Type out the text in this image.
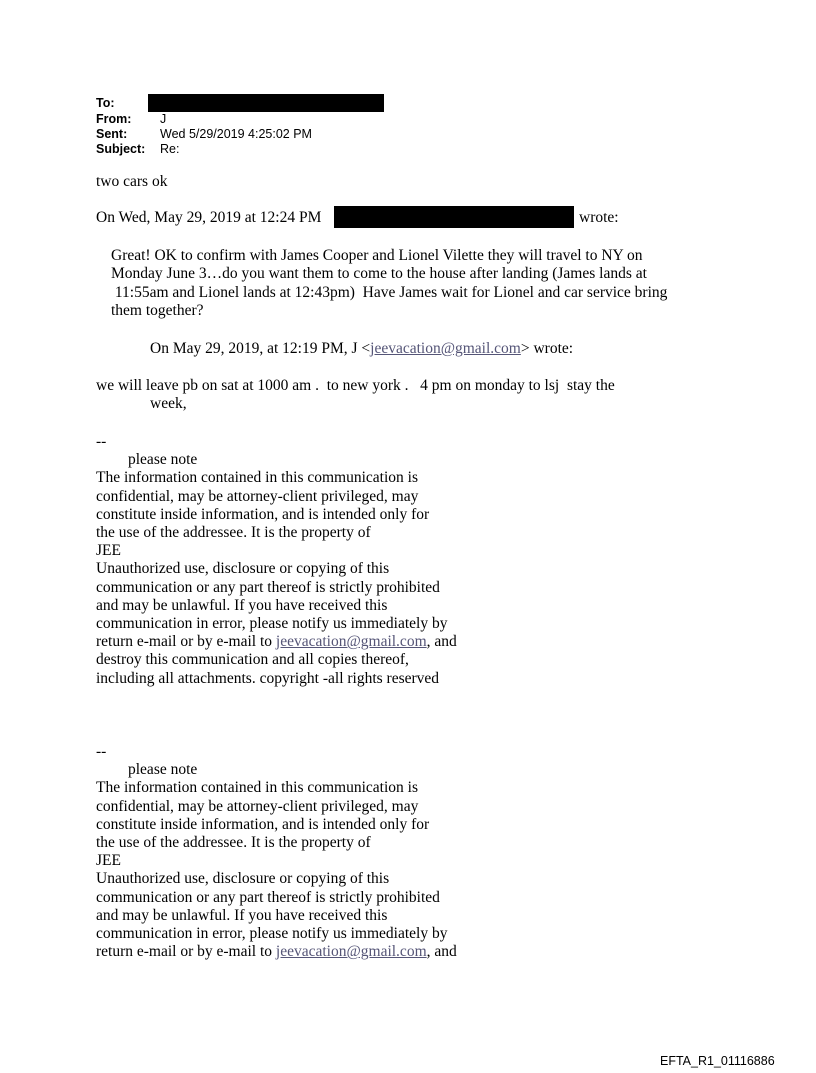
To:
From: J
Sent:	Wed 5/29/2019 4:25:02 PM
Subject: Re:
two cars ok
On Wed, May 29, 2019 at 12:24 PM	wrote:
Great! OK to confirm with James Cooper and Lionel Vilette they will travel to NY on
Monday June 3…do you want them to come to the house after landing (James lands at
11:55am and Lionel lands at 12:43pm)  Have James wait for Lionel and car service bring
them together?
On May 29, 2019, at 12:19 PM, J <jeevacation@gmail.com> wrote:
we will leave pb on sat at 1000 am .  to new york .   4 pm on monday to lsj  stay the
week,
--
please note
The information contained in this communication is
confidential, may be attorney-client privileged, may
constitute inside information, and is intended only for
the use of the addressee. It is the property of
JEE
Unauthorized use, disclosure or copying of this
communication or any part thereof is strictly prohibited
and may be unlawful. If you have received this
communication in error, please notify us immediately by
return e-mail or by e-mail to jeevacation@gmail.com, and
destroy this communication and all copies thereof,
including all attachments. copyright -all rights reserved
--
please note
The information contained in this communication is
confidential, may be attorney-client privileged, may
constitute inside information, and is intended only for
the use of the addressee. It is the property of
JEE
Unauthorized use, disclosure or copying of this
communication or any part thereof is strictly prohibited
and may be unlawful. If you have received this
communication in error, please notify us immediately by
return e-mail or by e-mail to jeevacation@gmail.com, and
EFTA_R1_01116886
